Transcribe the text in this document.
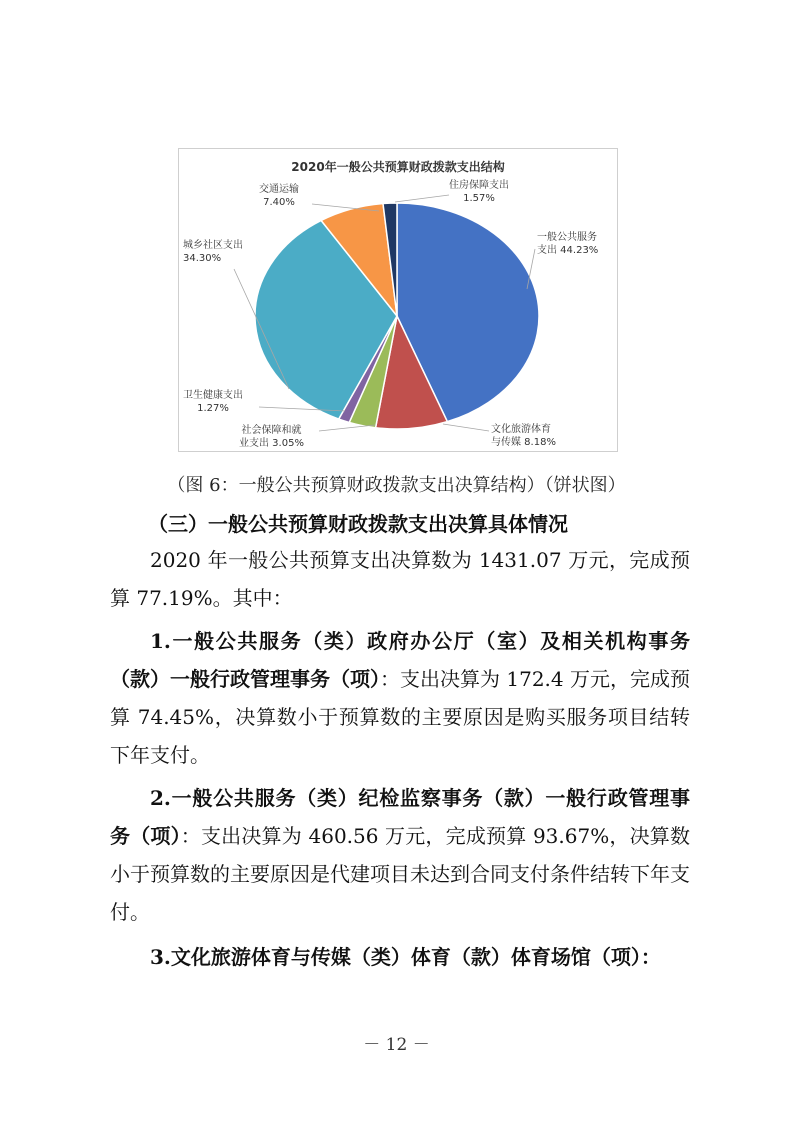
2020年一般公共预算财政拨款支出结构
住房保障支出
1.57%
交通运输
7.40%
一般公共服务
支出 44.23%
城乡社区支出
34.30%
卫生健康支出
1.27%
文化旅游体育
与传媒 8.18%
社会保障和就
业支出 3.05%
（图 6：一般公共预算财政拨款支出决算结构）（饼状图）
（三）一般公共预算财政拨款支出决算具体情况
2020 年一般公共预算支出决算数为 1431.07 万元，完成预算 77.19%。其中：
1.一般公共服务（类）政府办公厅（室）及相关机构事务（款）一般行政管理事务（项）：支出决算为 172.4 万元，完成预算 74.45%，决算数小于预算数的主要原因是购买服务项目结转下年支付。
2.一般公共服务（类）纪检监察事务（款）一般行政管理事务（项）：支出决算为 460.56 万元，完成预算 93.67%，决算数小于预算数的主要原因是代建项目未达到合同支付条件结转下年支付。
3.文化旅游体育与传媒（类）体育（款）体育场馆（项）：
－ 12 －
